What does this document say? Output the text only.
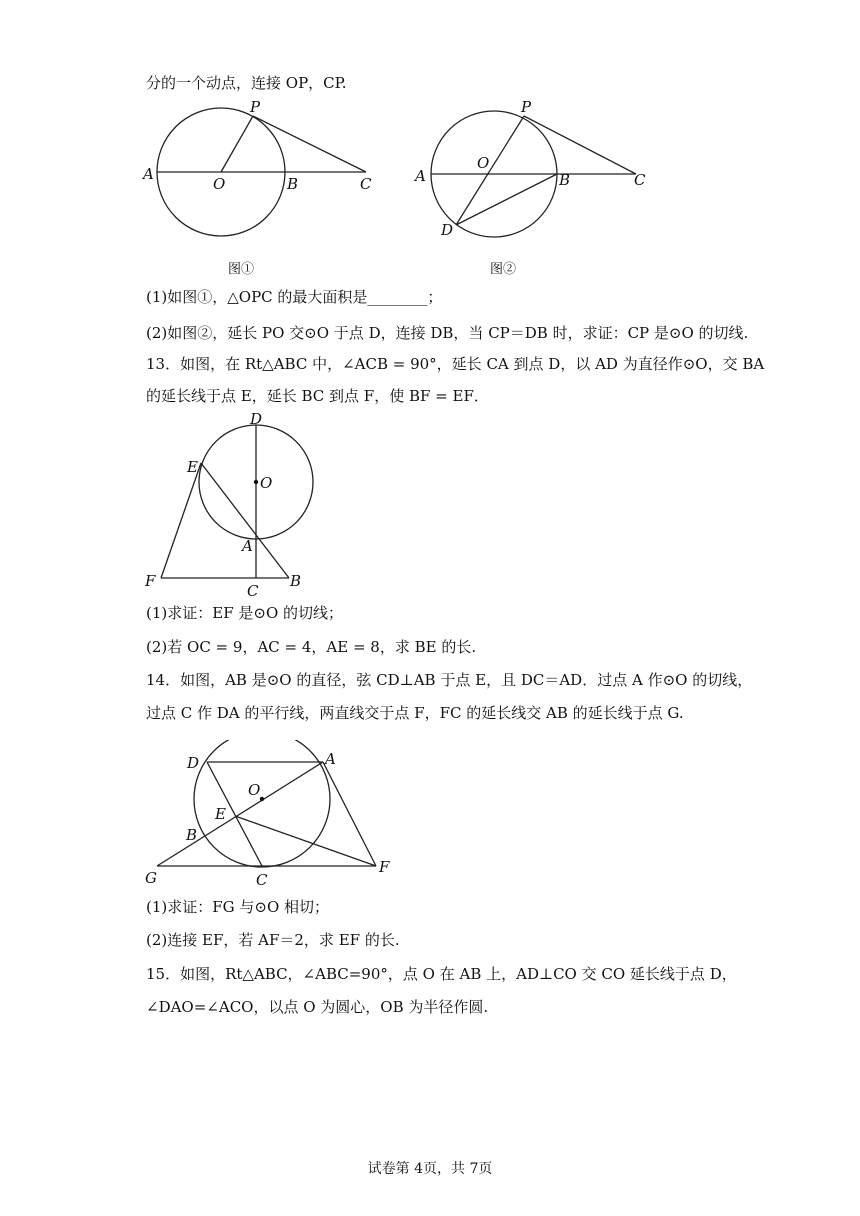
分的一个动点，连接 OP，CP.
P
A
O	B	C
图①
P
O
A	B	C
D
图②
(1)如图①，△OPC 的最大面积是________；
(2)如图②，延长 PO 交⊙O 于点 D，连接 DB，当 CP＝DB 时，求证：CP 是⊙O 的切线.
13．如图，在 Rt△ABC 中，∠ACB = 90°，延长 CA 到点 D，以 AD 为直径作⊙O，交 BA
的延长线于点 E，延长 BC 到点 F，使 BF = EF．
D
E
O
A
F
C
B
(1)求证：EF 是⊙O 的切线；
(2)若 OC = 9，AC = 4，AE = 8，求 BE 的长.
14．如图，AB 是⊙O 的直径，弦 CD⊥AB 于点 E，且 DC＝AD．过点 A 作⊙O 的切线，
过点 C 作 DA 的平行线，两直线交于点 F，FC 的延长线交 AB 的延长线于点 G.
D	A
O
E
B
G	C
F
(1)求证：FG 与⊙O 相切；
(2)连接 EF，若 AF＝2，求 EF 的长.
15．如图，Rt△ABC，∠ABC=90°，点 O 在 AB 上，AD⊥CO 交 CO 延长线于点 D，
∠DAO=∠ACO，以点 O 为圆心，OB 为半径作圆.
试卷第 4页，共 7页
